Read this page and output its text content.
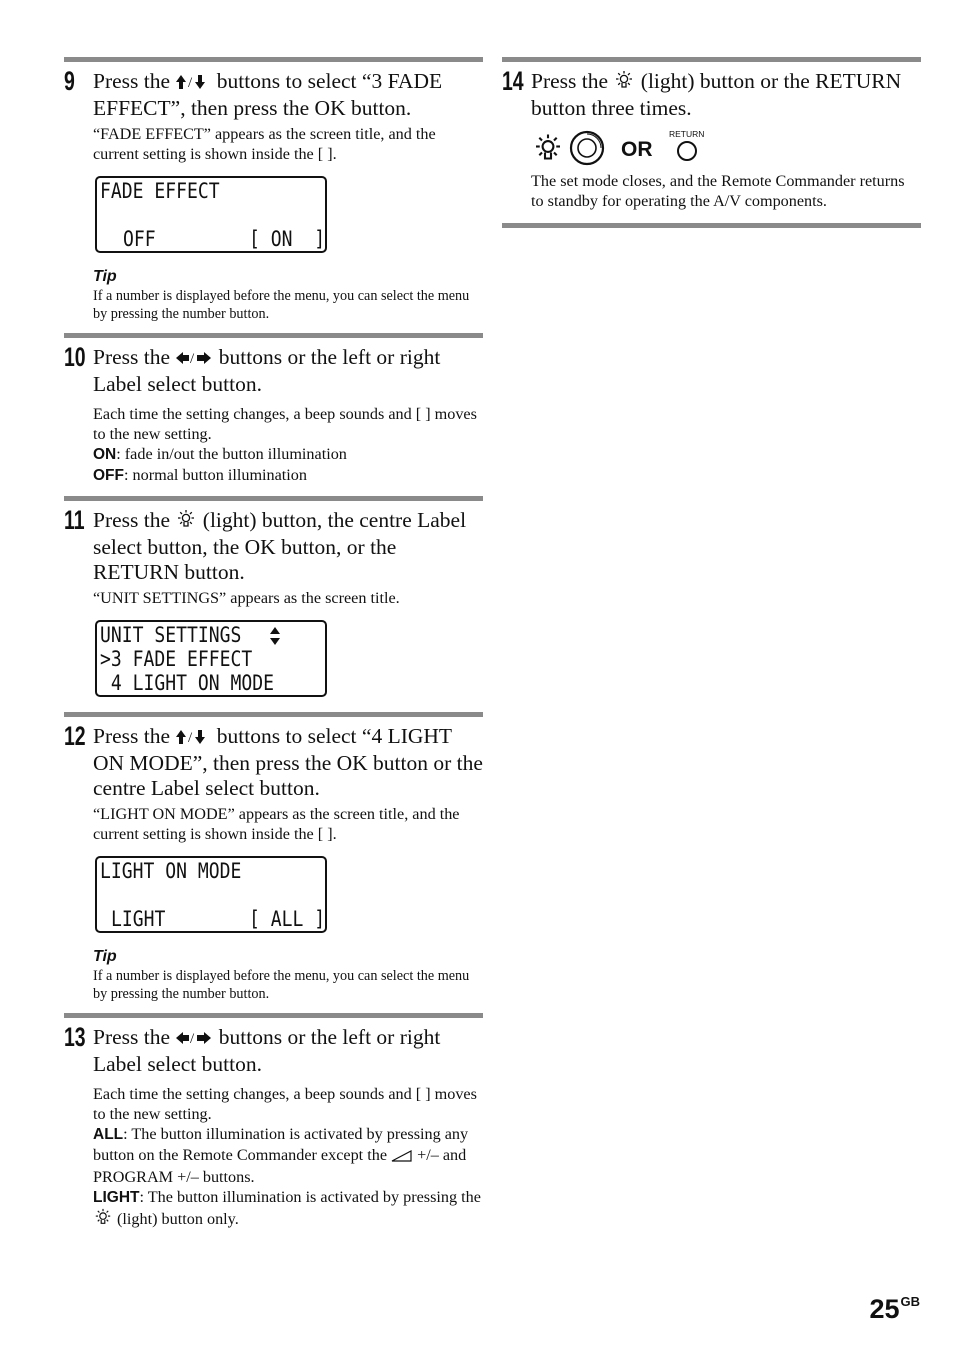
9 Press the / buttons to select “3 FADE EFFECT”, then press the OK button.
“FADE EFFECT” appears as the screen title, and the current setting is shown inside the [ ].
FADE EFFECT
OFF	[ ON  ]
Tip
If a number is displayed before the menu, you can select the menu by pressing the number button.
10 Press the / buttons or the left or right Label select button.
Each time the setting changes, a beep sounds and [ ] moves to the new setting.
ON: fade in/out the button illumination
OFF: normal button illumination
11 Press the  (light) button, the centre Label select button, the OK button, or the RETURN button.
“UNIT SETTINGS” appears as the screen title.
UNIT SETTINGS
>3 FADE EFFECT
4 LIGHT ON MODE
12 Press the / buttons to select “4 LIGHT ON MODE”, then press the OK button or the centre Label select button.
“LIGHT ON MODE” appears as the screen title, and the current setting is shown inside the [ ].
LIGHT ON MODE
LIGHT	[ ALL ]
Tip
If a number is displayed before the menu, you can select the menu by pressing the number button.
13 Press the / buttons or the left or right Label select button.
Each time the setting changes, a beep sounds and [ ] moves to the new setting.
ALL: The button illumination is activated by pressing any button on the Remote Commander except the  +/– and PROGRAM +/– buttons.
LIGHT: The button illumination is activated by pressing the  (light) button only.
14 Press the  (light) button or the RETURN button three times.
OR
RETURN
The set mode closes, and the Remote Commander returns to standby for operating the A/V components.
$25^{GB}$
